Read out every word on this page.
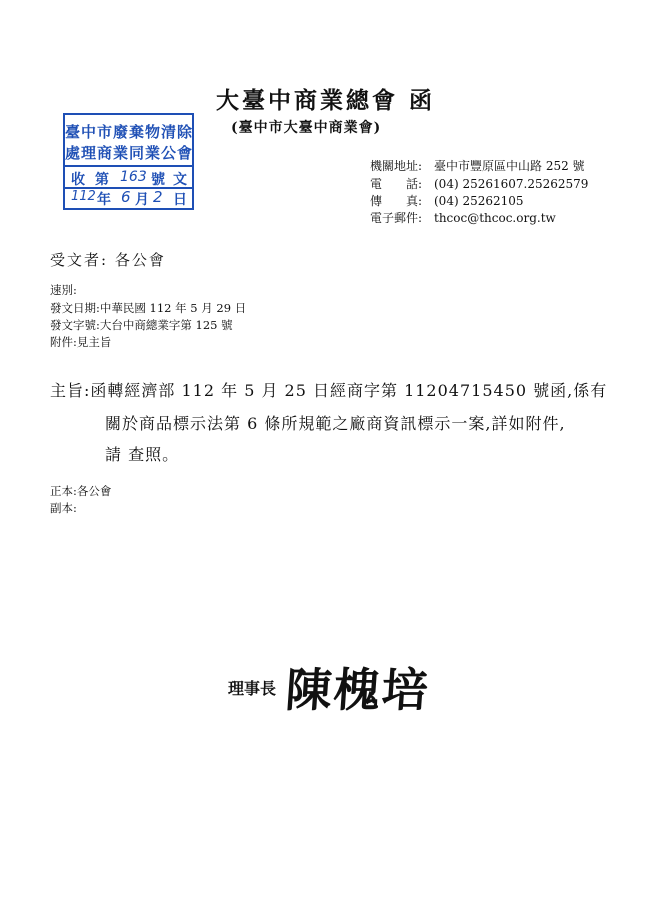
大臺中商業總會 函
(臺中市大臺中商業會)
臺中市廢棄物清除
處理商業同業公會
收 第 163 號 文
112 年 6 月 2 日
機關地址: 臺中市豐原區中山路 252 號
電　　話: (04) 25261607.25262579
傳　　真: (04) 25262105
電子郵件: thcoc@thcoc.org.tw
受文者: 各公會
速別:
發文日期:中華民國 112 年 5 月 29 日
發文字號:大台中商總業字第 125 號
附件:見主旨
主旨:函轉經濟部 112 年 5 月 25 日經商字第 11204715450 號函,係有
關於商品標示法第 6 條所規範之廠商資訊標示一案,詳如附件,
請 查照。
正本:各公會
副本:
理事長 陳槐培
